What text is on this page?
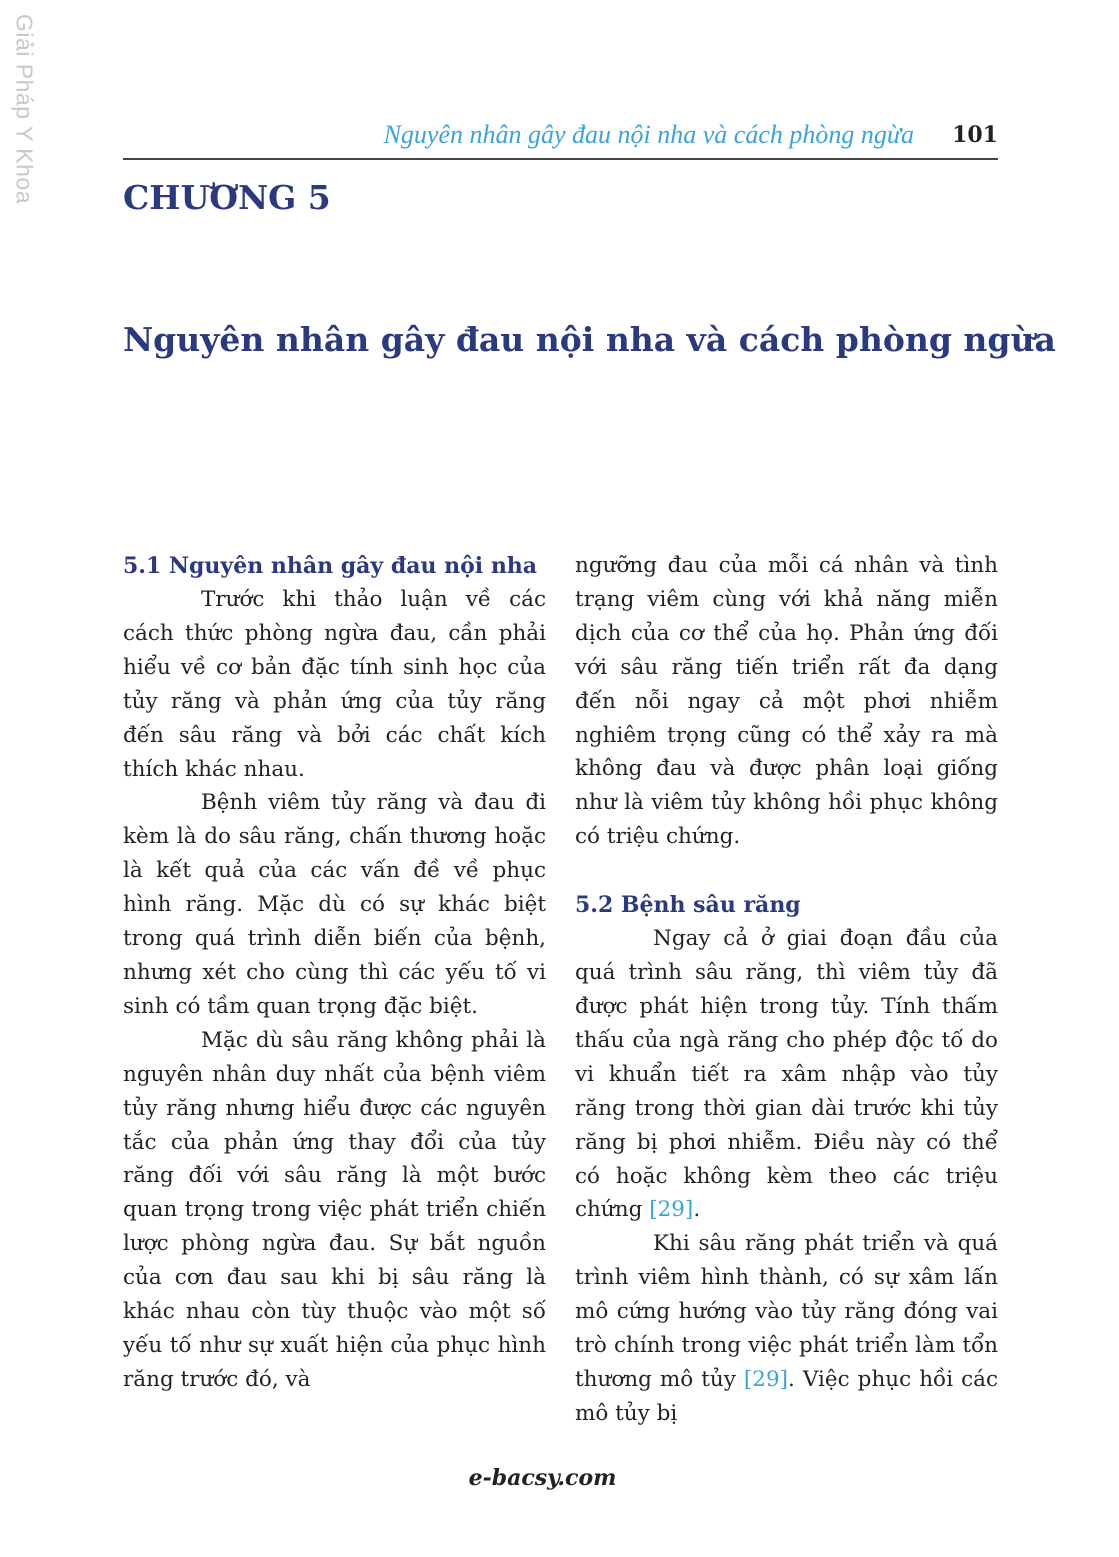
Giải Pháp Y Khoa	Nguyên nhân gây đau nội nha và cách phòng ngừa 101
CHƯƠNG 5
Nguyên nhân gây đau nội nha và cách phòng ngừa
5.1 Nguyên nhân gây đau nội nha

Trước khi thảo luận về các cách thức phòng ngừa đau, cần phải hiểu về cơ bản đặc tính sinh học của tủy răng và phản ứng của tủy răng đến sâu răng và bởi các chất kích thích khác nhau.

Bệnh viêm tủy răng và đau đi kèm là do sâu răng, chấn thương hoặc là kết quả của các vấn đề về phục hình răng. Mặc dù có sự khác biệt trong quá trình diễn biến của bệnh, nhưng xét cho cùng thì các yếu tố vi sinh có tầm quan trọng đặc biệt.

Mặc dù sâu răng không phải là nguyên nhân duy nhất của bệnh viêm tủy răng nhưng hiểu được các nguyên tắc của phản ứng thay đổi của tủy răng đối với sâu răng là một bước quan trọng trong việc phát triển chiến lược phòng ngừa đau. Sự bắt nguồn của cơn đau sau khi bị sâu răng là khác nhau còn tùy thuộc vào một số yếu tố như sự xuất hiện của phục hình răng trước đó, và

ngưỡng đau của mỗi cá nhân và tình trạng viêm cùng với khả năng miễn dịch của cơ thể của họ. Phản ứng đối với sâu răng tiến triển rất đa dạng đến nỗi ngay cả một phơi nhiễm nghiêm trọng cũng có thể xảy ra mà không đau và được phân loại giống như là viêm tủy không hồi phục không có triệu chứng.

5.2 Bệnh sâu răng

Ngay cả ở giai đoạn đầu của quá trình sâu răng, thì viêm tủy đã được phát hiện trong tủy. Tính thấm thấu của ngà răng cho phép độc tố do vi khuẩn tiết ra xâm nhập vào tủy răng trong thời gian dài trước khi tủy răng bị phơi nhiễm. Điều này có thể có hoặc không kèm theo các triệu chứng [29].

Khi sâu răng phát triển và quá trình viêm hình thành, có sự xâm lấn mô cứng hướng vào tủy răng đóng vai trò chính trong việc phát triển làm tổn thương mô tủy [29]. Việc phục hồi các mô tủy bị

e-bacsy.com
